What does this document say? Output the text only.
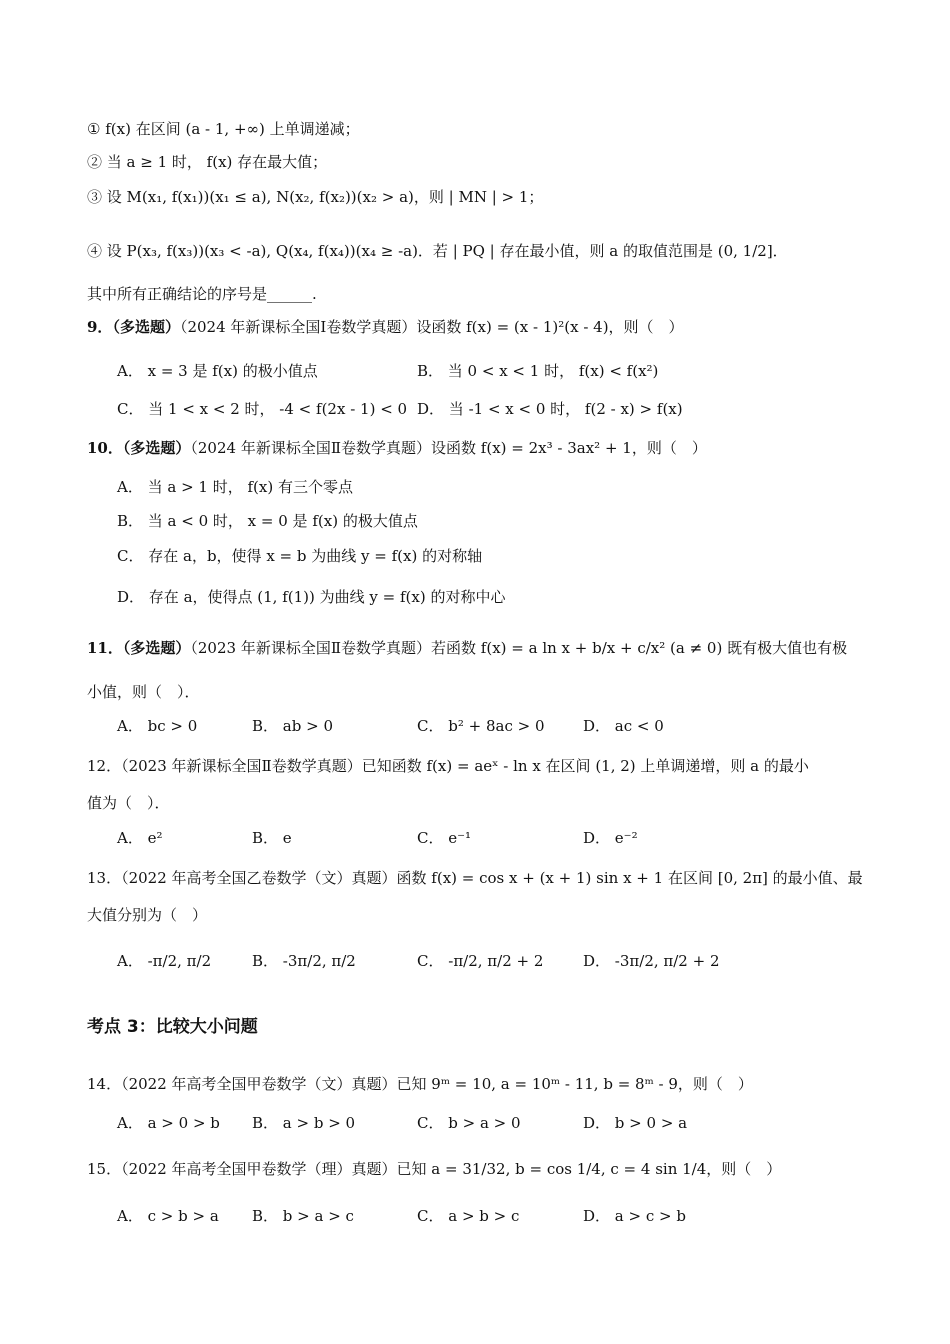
① f(x) 在区间 (a - 1, +∞) 上单调递减；
② 当 a ≥ 1 时， f(x) 存在最大值；
③ 设 M(x₁, f(x₁))(x₁ ≤ a), N(x₂, f(x₂))(x₂ > a)，则 | MN | > 1；
④ 设 P(x₃, f(x₃))(x₃ < -a), Q(x₄, f(x₄))(x₄ ≥ -a)．若 | PQ | 存在最小值，则 a 的取值范围是 (0, 1/2]．
其中所有正确结论的序号是______.
9．（多选题）（2024 年新课标全国Ⅰ卷数学真题）设函数 f(x) = (x - 1)²(x - 4)，则（　）
A． x = 3 是 f(x) 的极小值点	B． 当 0 < x < 1 时， f(x) < f(x²)
C． 当 1 < x < 2 时， -4 < f(2x - 1) < 0 D． 当 -1 < x < 0 时， f(2 - x) > f(x)
10．（多选题）（2024 年新课标全国Ⅱ卷数学真题）设函数 f(x) = 2x³ - 3ax² + 1，则（　）
A． 当 a > 1 时， f(x) 有三个零点
B． 当 a < 0 时， x = 0 是 f(x) 的极大值点
C． 存在 a，b，使得 x = b 为曲线 y = f(x) 的对称轴
D． 存在 a，使得点 (1, f(1)) 为曲线 y = f(x) 的对称中心
11．（多选题）（2023 年新课标全国Ⅱ卷数学真题）若函数 f(x) = a ln x + b/x + c/x² (a ≠ 0) 既有极大值也有极
小值，则（　）．
A． bc > 0	B． ab > 0	C． b² + 8ac > 0	D． ac < 0
12．（2023 年新课标全国Ⅱ卷数学真题）已知函数 f(x) = aeˣ - ln x 在区间 (1, 2) 上单调递增，则 a 的最小
值为（　）．
A． e²	B． e	C． e⁻¹	D． e⁻²
13．（2022 年高考全国乙卷数学（文）真题）函数 f(x) = cos x + (x + 1) sin x + 1 在区间 [0, 2π] 的最小值、最
大值分别为（　）
A． -π/2, π/2	B． -3π/2, π/2	C． -π/2, π/2 + 2	D． -3π/2, π/2 + 2
考点 3：比较大小问题
14．（2022 年高考全国甲卷数学（文）真题）已知 9ᵐ = 10, a = 10ᵐ - 11, b = 8ᵐ - 9，则（　）
A． a > 0 > b B． a > b > 0	C． b > a > 0	D． b > 0 > a
15．（2022 年高考全国甲卷数学（理）真题）已知 a = 31/32, b = cos 1/4, c = 4 sin 1/4，则（　）
A． c > b > a B． b > a > c	C． a > b > c	D． a > c > b
